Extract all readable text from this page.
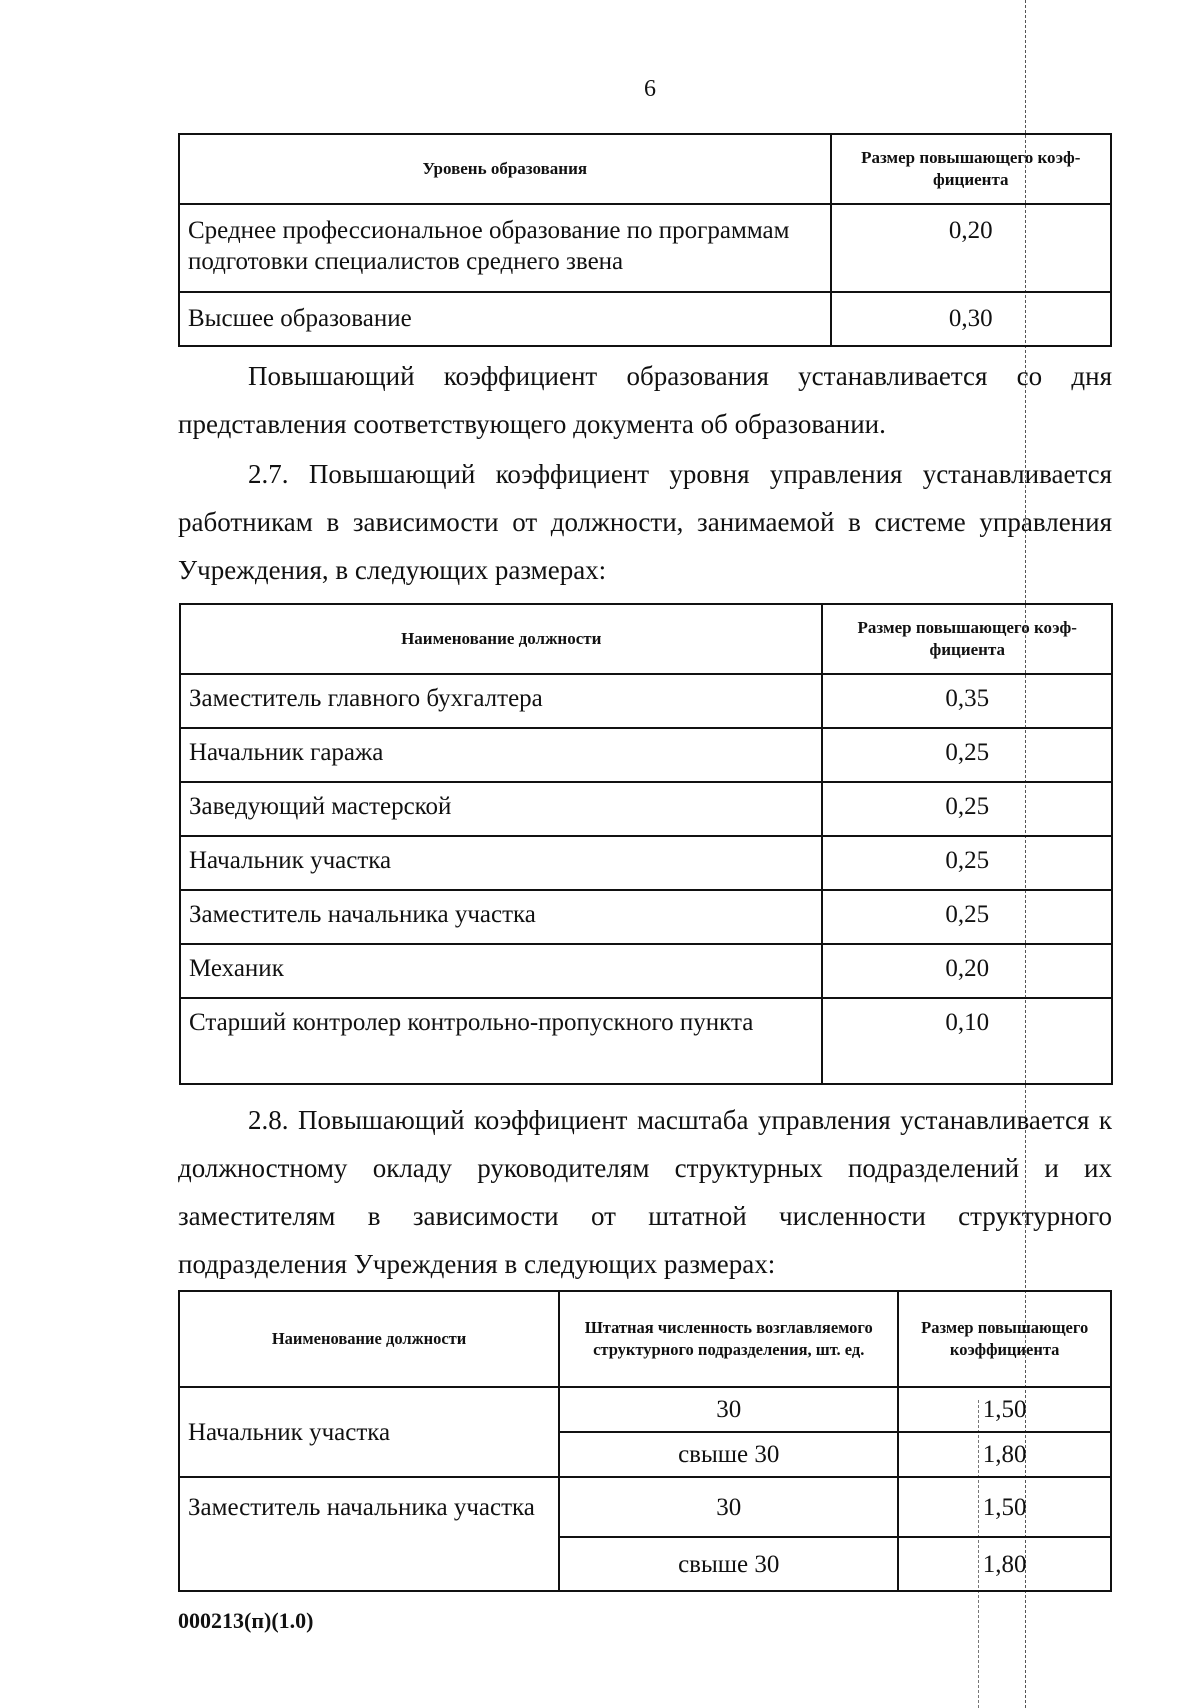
6
Уровень образования	Размер повышающего коэф-фициента
Среднее профессиональное образование по программам подготовки специалистов среднего звена	0,20
Высшее образование	0,30
Повышающий коэффициент образования устанавливается со дня представления соответствующего документа об образовании.
2.7. Повышающий коэффициент уровня управления устанавливается работникам в зависимости от должности, занимаемой в системе управления Учреждения, в следующих размерах:
Наименование должности	Размер повышающего коэф-фициента
Заместитель главного бухгалтера	0,35
Начальник гаража	0,25
Заведующий мастерской	0,25
Начальник участка	0,25
Заместитель начальника участка	0,25
Механик	0,20
Старший контролер контрольно-пропускного пункта	0,10
2.8. Повышающий коэффициент масштаба управления устанавливается к должностному окладу руководителям структурных подразделений и их заместителям в зависимости от штатной численности структурного подразделения Учреждения в следующих размерах:
Наименование должности	Штатная численность возглавляемого структурного подразделения, шт. ед.	Размер повышающего коэффициента
Начальник участка	30	1,50
	свыше 30	1,80
Заместитель начальника участка	30	1,50
	свыше 30	1,80
000213(п)(1.0)
